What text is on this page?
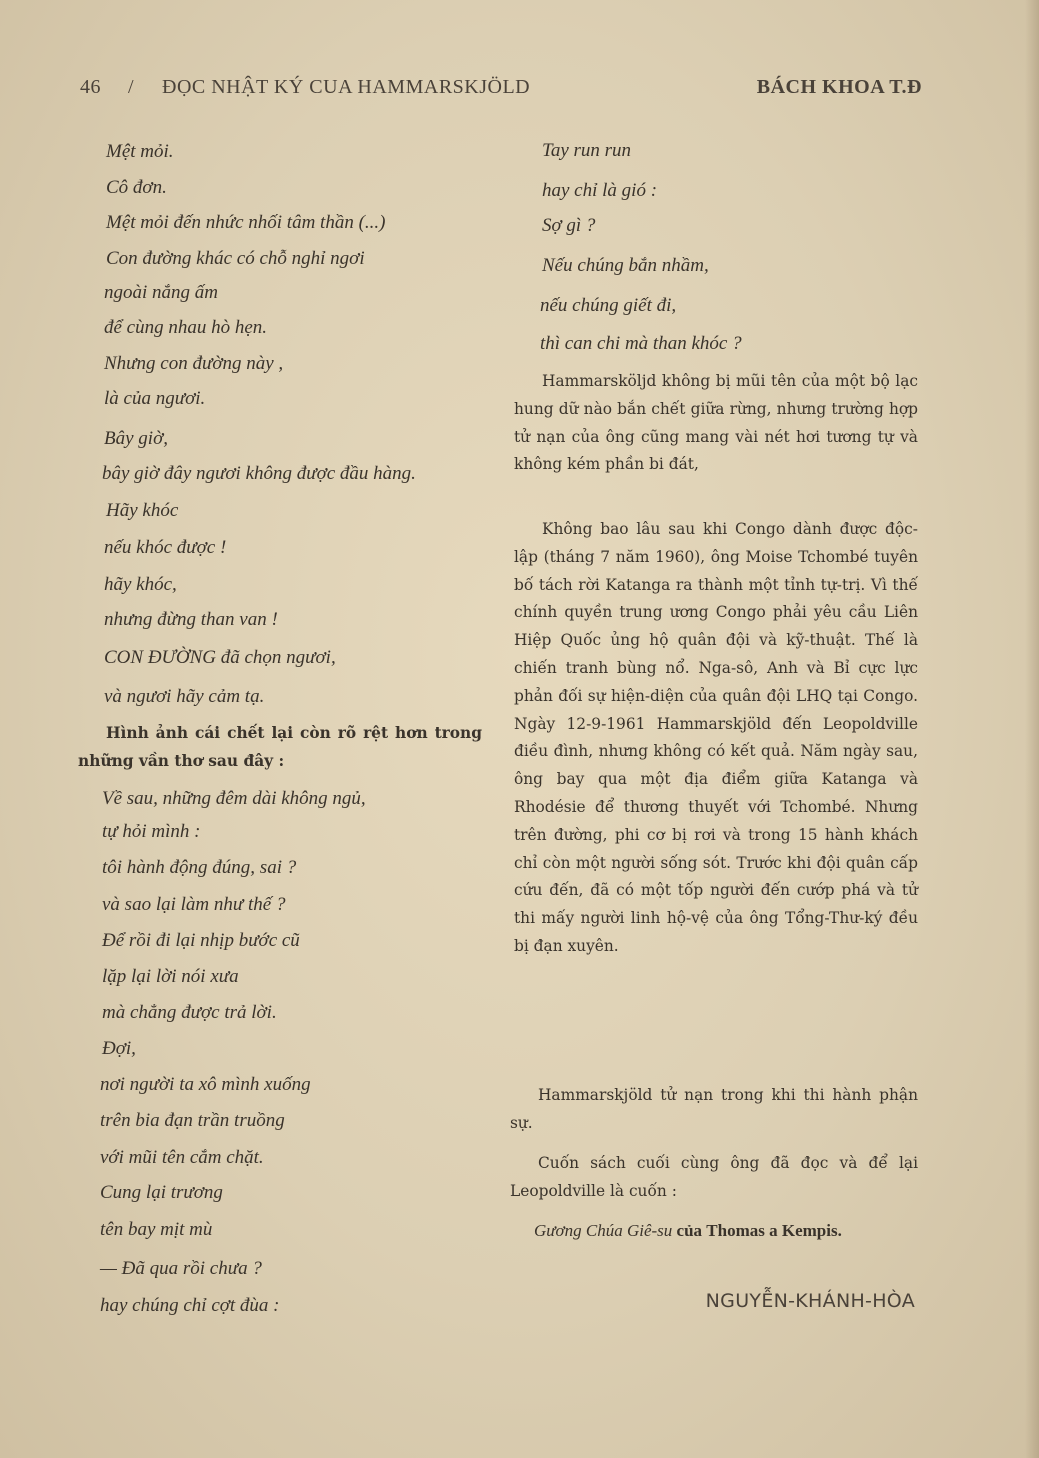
46 / ĐỌC NHẬT KÝ CUA HAMMARSKJÖLD	BÁCH KHOA T.Đ
Mệt mỏi.
Cô đơn.
Mệt mỏi đến nhức nhối tâm thần (...)
Con đường khác có chỗ nghỉ ngơi
ngoài nắng ấm
để cùng nhau hò hẹn.
Nhưng con đường này ,
là của ngươi.
Bây giờ,
bây giờ đây ngươi không được đầu hàng.
Hãy khóc
nếu khóc được !
hãy khóc,
nhưng đừng than van !
CON ĐƯỜNG đã chọn ngươi,
và ngươi hãy cảm tạ.
Hình ảnh cái chết lại còn rõ rệt hơn trong những vần thơ sau đây :
Về sau, những đêm dài không ngủ,
tự hỏi mình :
tôi hành động đúng, sai ?
và sao lại làm như thế ?
Để rồi đi lại nhịp bước cũ
lặp lại lời nói xưa
mà chẳng được trả lời.
Đợi,
nơi người ta xô mình xuống
trên bia đạn trần truồng
với mũi tên cắm chặt.
Cung lại trương
tên bay mịt mù
— Đã qua rồi chưa ?
hay chúng chỉ cợt đùa :
Tay run run
hay chỉ là gió :
Sợ gì ?
Nếu chúng bắn nhầm,
nếu chúng giết đi,
thì can chi mà than khóc ?
Hammarsköljd không bị mũi tên của một bộ lạc hung dữ nào bắn chết giữa rừng, nhưng trường hợp tử nạn của ông cũng mang vài nét hơi tương tự và không kém phần bi đát,
Không bao lâu sau khi Congo dành được độc-lập (tháng 7 năm 1960), ông Moise Tchombé tuyên bố tách rời Katanga ra thành một tỉnh tự-trị. Vì thế chính quyền trung ương Congo phải yêu cầu Liên Hiệp Quốc ủng hộ quân đội và kỹ-thuật. Thế là chiến tranh bùng nổ. Nga-sô, Anh và Bỉ cực lực phản đối sự hiện-diện của quân đội LHQ tại Congo. Ngày 12-9-1961 Hammarskjöld đến Leopoldville điều đình, nhưng không có kết quả. Năm ngày sau, ông bay qua một địa điểm giữa Katanga và Rhodésie để thương thuyết với Tchombé. Nhưng trên đường, phi cơ bị rơi và trong 15 hành khách chỉ còn một người sống sót. Trước khi đội quân cấp cứu đến, đã có một tốp người đến cướp phá và tử thi mấy người linh hộ-vệ của ông Tổng-Thư-ký đều bị đạn xuyên.
Hammarskjöld tử nạn trong khi thi hành phận sự.
Cuốn sách cuối cùng ông đã đọc và để lại Leopoldville là cuốn :
Gương Chúa Giê-su của Thomas a Kempis.
NGUYỄN-KHÁNH-HÒA
